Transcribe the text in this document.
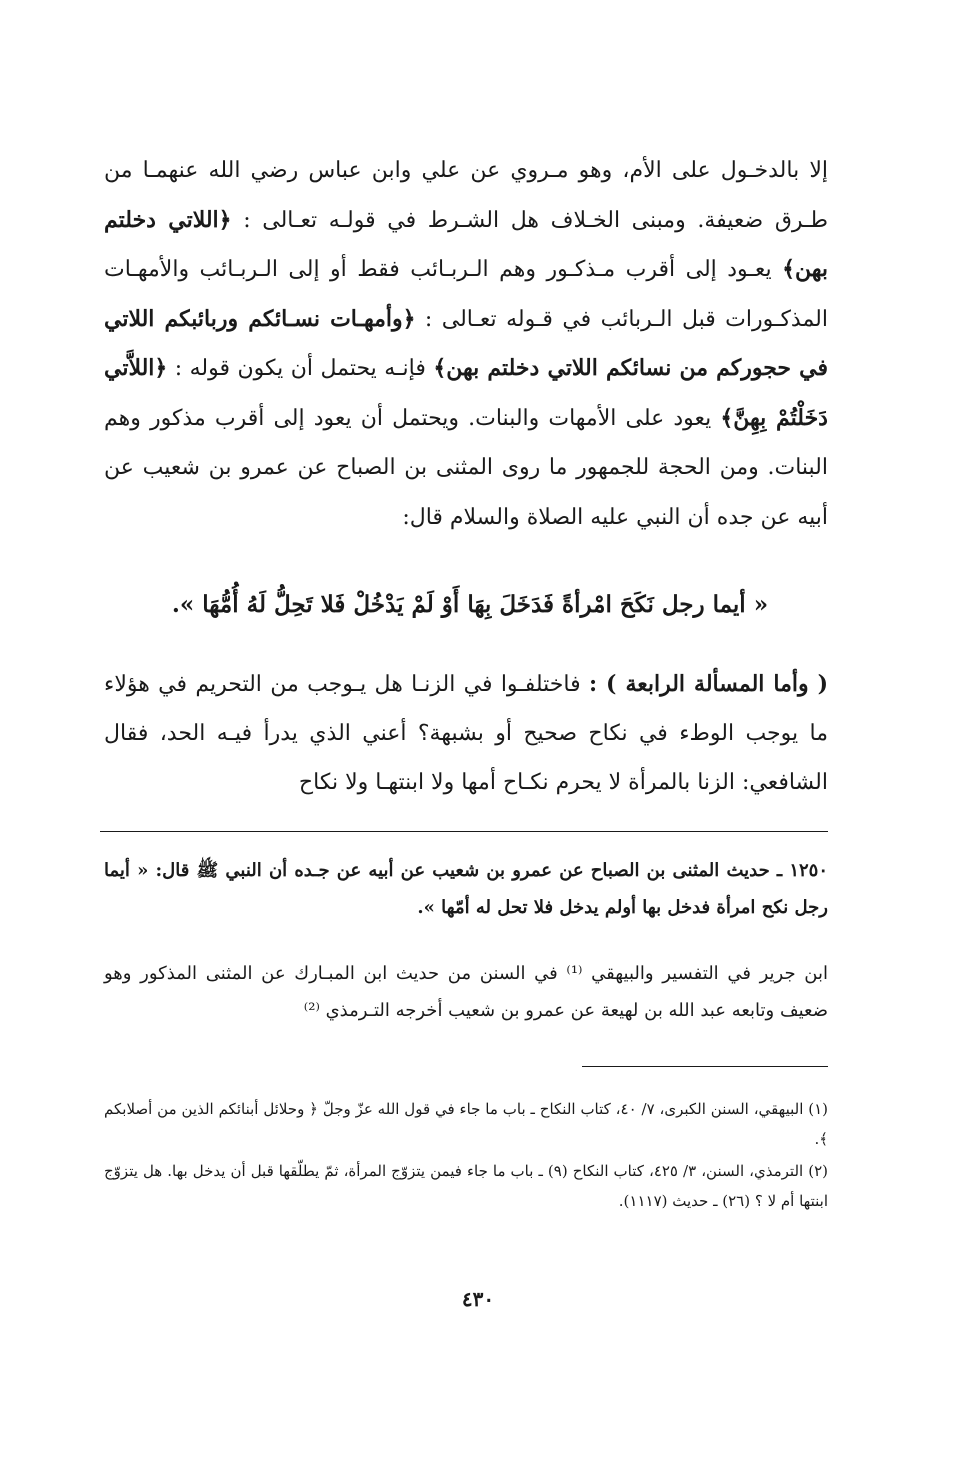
إلا بالدخـول على الأم، وهو مـروي عن علي وابن عباس رضي الله عنهمـا من طـرق ضعيفة. ومبنى الخـلاف هل الشـرط في قولـه تعـالى : ﴿اللاتي دخلتم بهن﴾ يعـود إلى أقرب مـذكـور وهم الـربـائب فقط أو إلى الـربـائب والأمهـات المذكـورات قبل الـربائب في قـوله تعـالى : ﴿وأمهـات نسـائكم وربائبكم اللاتي في حجوركم من نسائكم اللاتي دخلتم بهن﴾ فإنـه يحتمل أن يكون قوله : ﴿اللاَّتي دَخَلْتُمْ بِهِنَّ﴾ يعود على الأمهات والبنات. ويحتمل أن يعود إلى أقرب مذكور وهم البنات. ومن الحجة للجمهور ما روى المثنى بن الصباح عن عمرو بن شعيب عن أبيه عن جده أن النبي عليه الصلاة والسلام قال:

« أيما رجل نَكَحَ امْرأةً فَدَخَلَ بِهَا أَوْ لَمْ يَدْخُلْ فَلا تَحِلُّ لَهُ أُمُّهَا ».

( وأما المسألة الرابعة ) : فاختلفـوا في الزنـا هل يـوجب من التحريم في هؤلاء ما يوجب الوطء في نكاح صحيح أو بشبهة؟ أعني الذي يدرأ فيـه الحد، فقال الشافعي: الزنا بالمرأة لا يحرم نكـاح أمها ولا ابنتهـا ولا نكاح

١٢٥٠ ـ حديث المثنى بن الصباح عن عمرو بن شعيب عن أبيه عن جـده أن النبي ﷺ قال: « أيما رجل نكح امرأة فدخل بها أولم يدخل فلا تحل له أمّها ».

ابن جرير في التفسير والبيهقي ⁽¹⁾ في السنن من حديث ابن المبـارك عن المثنى المذكور وهو ضعيف وتابعه عبد الله بن لهيعة عن عمرو بن شعيب أخرجه التـرمذي ⁽²⁾

(١) البيهقي، السنن الكبرى، ٧/ ٤٠، كتاب النكاح ـ باب ما جاء في قول الله عزّ وجلّ ﴿ وحلائل أبنائكم الذين من أصلابكم ﴾.

(٢) الترمذي، السنن، ٣/ ٤٢٥، كتاب النكاح (٩) ـ باب ما جاء فيمن يتزوّج المرأة، ثمّ يطلّقها قبل أن يدخل بها. هل يتزوّج ابنتها أم لا ؟ (٢٦) ـ حديث (١١١٧).

٤٣٠
